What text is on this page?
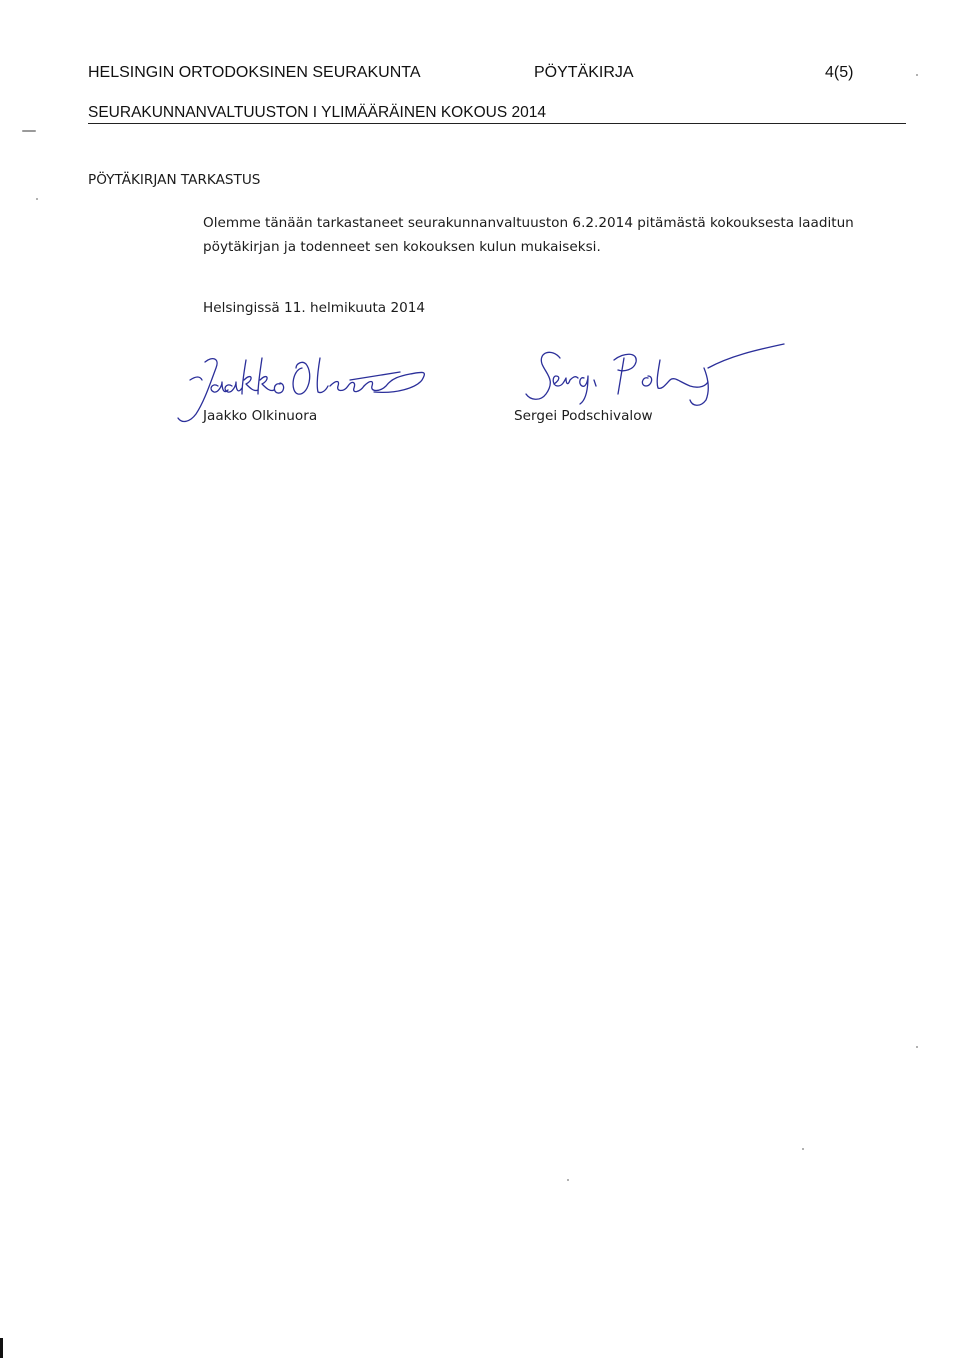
HELSINGIN ORTODOKSINEN SEURAKUNTA	PÖYTÄKIRJA	4(5)
SEURAKUNNANVALTUUSTON I YLIMÄÄRÄINEN KOKOUS 2014
PÖYTÄKIRJAN TARKASTUS
Olemme tänään tarkastaneet seurakunnanvaltuuston 6.2.2014 pitämästä kokouksesta laaditun
pöytäkirjan ja todenneet sen kokouksen kulun mukaiseksi.
Helsingissä 11. helmikuuta 2014
Jaakko Olkinuora	Sergei Podschivalow
